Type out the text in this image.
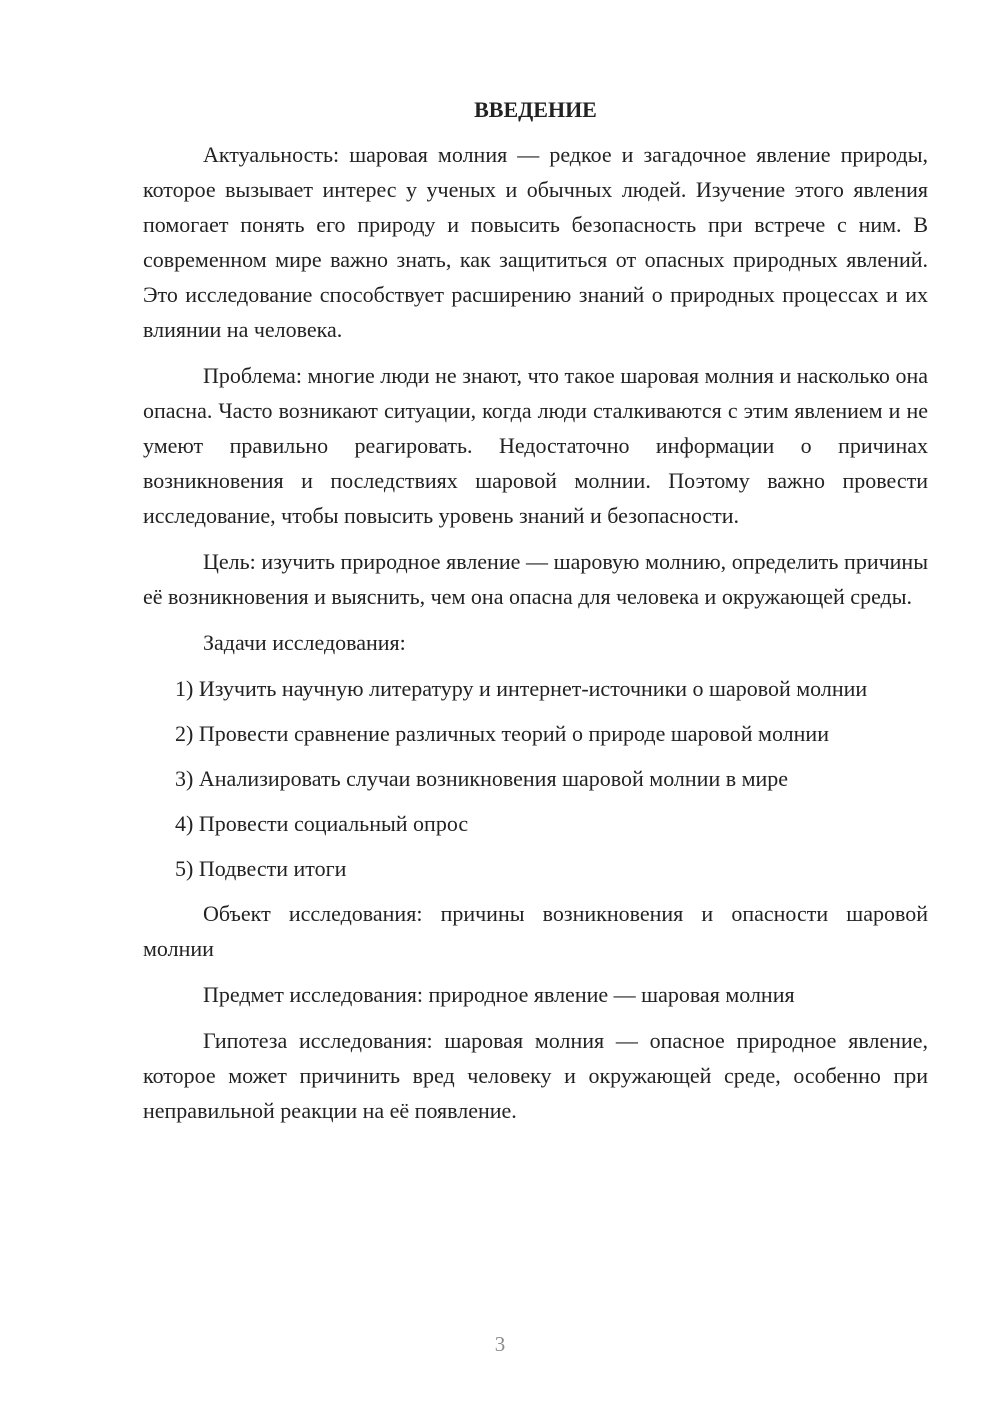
ВВЕДЕНИЕ
Актуальность: шаровая молния — редкое и загадочное явление природы, которое вызывает интерес у ученых и обычных людей. Изучение этого явления помогает понять его природу и повысить безопасность при встрече с ним. В современном мире важно знать, как защититься от опасных природных явлений. Это исследование способствует расширению знаний о природных процессах и их влиянии на человека.
Проблема: многие люди не знают, что такое шаровая молния и насколько она опасна. Часто возникают ситуации, когда люди сталкиваются с этим явлением и не умеют правильно реагировать. Недостаточно информации о причинах возникновения и последствиях шаровой молнии. Поэтому важно провести исследование, чтобы повысить уровень знаний и безопасности.
Цель: изучить природное явление — шаровую молнию, определить причины её возникновения и выяснить, чем она опасна для человека и окружающей среды.
Задачи исследования:
1) Изучить научную литературу и интернет-источники о шаровой молнии
2) Провести сравнение различных теорий о природе шаровой молнии
3) Анализировать случаи возникновения шаровой молнии в мире
4) Провести социальный опрос
5) Подвести итоги
Объект исследования: причины возникновения и опасности шаровой молнии
Предмет исследования: природное явление — шаровая молния
Гипотеза исследования: шаровая молния — опасное природное явление, которое может причинить вред человеку и окружающей среде, особенно при неправильной реакции на её появление.
3
